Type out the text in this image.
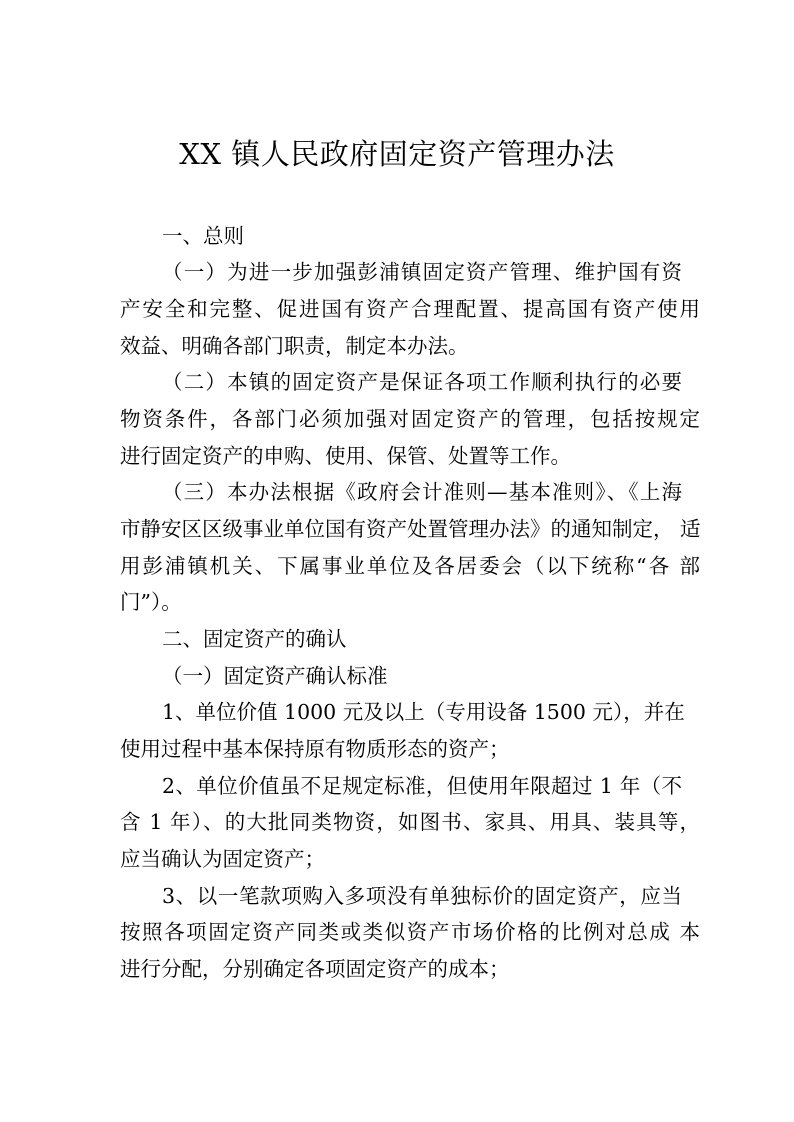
XX 镇人民政府固定资产管理办法
一、总则
（一）为进一步加强彭浦镇固定资产管理、维护国有资
产安全和完整、促进国有资产合理配置、提高国有资产使用
效益、明确各部门职责，制定本办法。
（二）本镇的固定资产是保证各项工作顺利执行的必要
物资条件，各部门必须加强对固定资产的管理，包括按规定
进行固定资产的申购、使用、保管、处置等工作。
（三）本办法根据《政府会计准则—基本准则》、《上海
市静安区区级事业单位国有资产处置管理办法》的通知制定， 适
用彭浦镇机关、下属事业单位及各居委会（以下统称“各 部
门”）。
二、固定资产的确认
（一）固定资产确认标准
1、单位价值 1000 元及以上（专用设备 1500 元），并在
使用过程中基本保持原有物质形态的资产；
2、单位价值虽不足规定标准，但使用年限超过 1 年（不
含 1 年）、的大批同类物资，如图书、家具、用具、装具等，
应当确认为固定资产；
3、以一笔款项购入多项没有单独标价的固定资产，应当
按照各项固定资产同类或类似资产市场价格的比例对总成 本
进行分配，分别确定各项固定资产的成本；
